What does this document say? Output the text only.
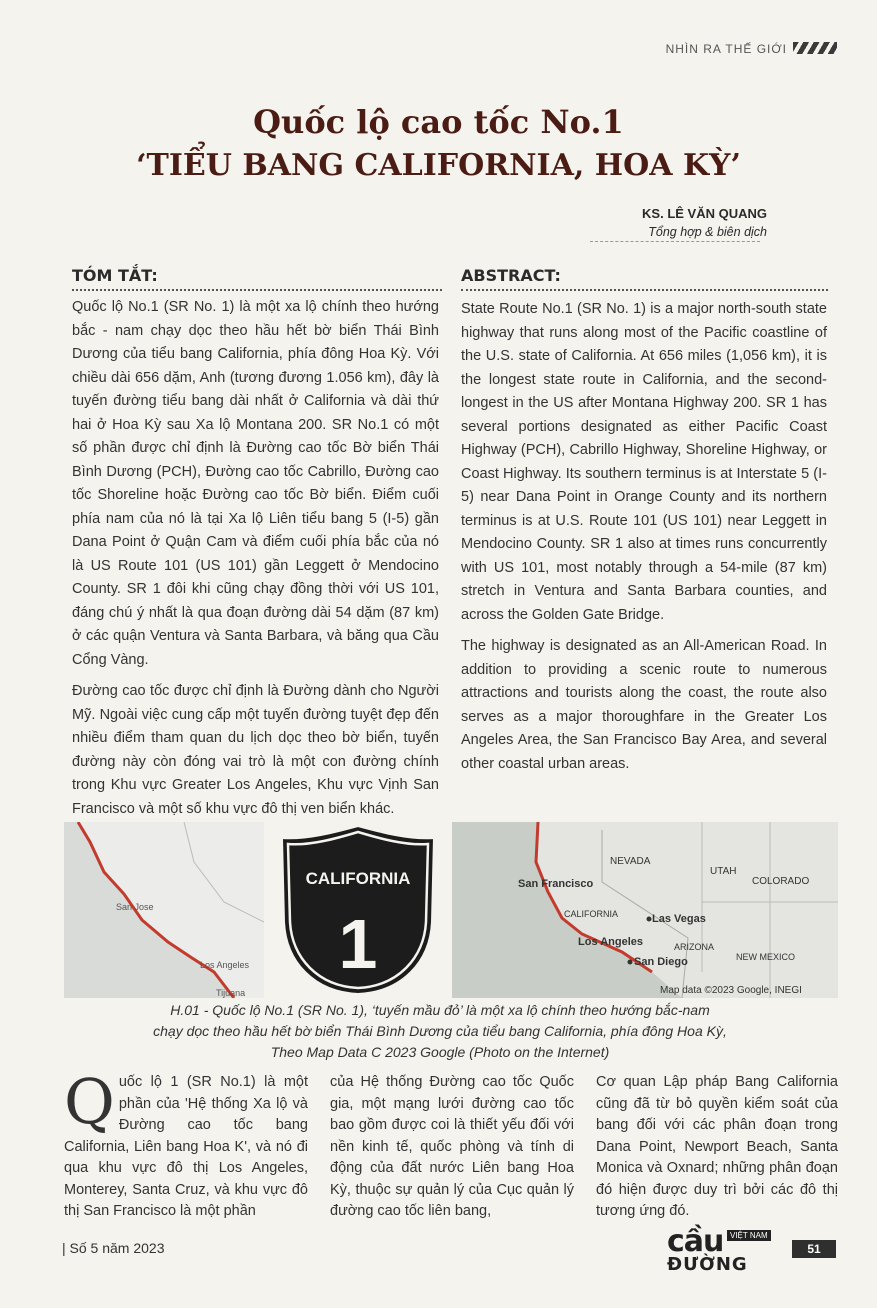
NHÌN RA THẾ GIỚI
Quốc lộ cao tốc No.1
‘TIỂU BANG CALIFORNIA, HOA KỲ’
KS. LÊ VĂN QUANG
Tổng hợp & biên dịch
TÓM TẮT:

Quốc lộ No.1 (SR No. 1) là một xa lộ chính theo hướng bắc - nam chạy dọc theo hầu hết bờ biển Thái Bình Dương của tiểu bang California, phía đông Hoa Kỳ. Với chiều dài 656 dặm, Anh (tương đương 1.056 km), đây là tuyến đường tiểu bang dài nhất ở California và dài thứ hai ở Hoa Kỳ sau Xa lộ Montana 200. SR No.1 có một số phần được chỉ định là Đường cao tốc Bờ biển Thái Bình Dương (PCH), Đường cao tốc Cabrillo, Đường cao tốc Shoreline hoặc Đường cao tốc Bờ biển. Điểm cuối phía nam của nó là tại Xa lộ Liên tiểu bang 5 (I-5) gần Dana Point ở Quận Cam và điểm cuối phía bắc của nó là US Route 101 (US 101) gần Leggett ở Mendocino County. SR 1 đôi khi cũng chạy đồng thời với US 101, đáng chú ý nhất là qua đoạn đường dài 54 dặm (87 km) ở các quận Ventura và Santa Barbara, và băng qua Cầu Cổng Vàng.

Đường cao tốc được chỉ định là Đường dành cho Người Mỹ. Ngoài việc cung cấp một tuyến đường tuyệt đẹp đến nhiều điểm tham quan du lịch dọc theo bờ biển, tuyến đường này còn đóng vai trò là một con đường chính trong Khu vực Greater Los Angeles, Khu vực Vịnh San Francisco và một số khu vực đô thị ven biển khác.

ABSTRACT:

State Route No.1 (SR No. 1) is a major north-south state highway that runs along most of the Pacific coastline of the U.S. state of California. At 656 miles (1,056 km), it is the longest state route in California, and the second-longest in the US after Montana Highway 200. SR 1 has several portions designated as either Pacific Coast Highway (PCH), Cabrillo Highway, Shoreline Highway, or Coast Highway. Its southern terminus is at Interstate 5 (I-5) near Dana Point in Orange County and its northern terminus is at U.S. Route 101 (US 101) near Leggett in Mendocino County. SR 1 also at times runs concurrently with US 101, most notably through a 54-mile (87 km) stretch in Ventura and Santa Barbara counties, and across the Golden Gate Bridge.

The highway is designated as an All-American Road. In addition to providing a scenic route to numerous attractions and tourists along the coast, the route also serves as a major thoroughfare in the Greater Los Angeles Area, the San Francisco Bay Area, and several other coastal urban areas.

San Jose
Los Angeles
Tijuana
CALIFORNIA
1
NEVADA
UTAH
COLORADO
San Francisco
CALIFORNIA	Las Vegas
Los Angeles	ARIZONA
NEW MEXICO
San Diego
Map data ©2023 Google, INEGI
H.01 - Quốc lộ No.1 (SR No. 1), ‘tuyến mầu đỏ’ là một xa lộ chính theo hướng bắc-nam
chạy dọc theo hầu hết bờ biển Thái Bình Dương của tiểu bang California, phía đông Hoa Kỳ,
Theo Map Data C 2023 Google (Photo on the Internet)
Q uốc lộ 1 (SR No.1) là một phần của 'Hệ thống Xa lộ và Đường cao tốc bang California, Liên bang Hoa K', và nó đi qua khu vực đô thị Los Angeles, Monterey, Santa Cruz, và khu vực đô thị San Francisco là một phần
của Hệ thống Đường cao tốc Quốc gia, một mạng lưới đường cao tốc bao gồm được coi là thiết yếu đối với nền kinh tế, quốc phòng và tính di động của đất nước Liên bang Hoa Kỳ, thuộc sự quản lý của Cục quản lý đường cao tốc liên bang,
Cơ quan Lập pháp Bang California cũng đã từ bỏ quyền kiểm soát của bang đối với các phân đoạn trong Dana Point, Newport Beach, Santa Monica và Oxnard; những phân đoạn đó hiện được duy trì bởi các đô thị tương ứng đó.
| Số 5 năm 2023	cầu VIỆT NAM
ĐƯỜNG
51
